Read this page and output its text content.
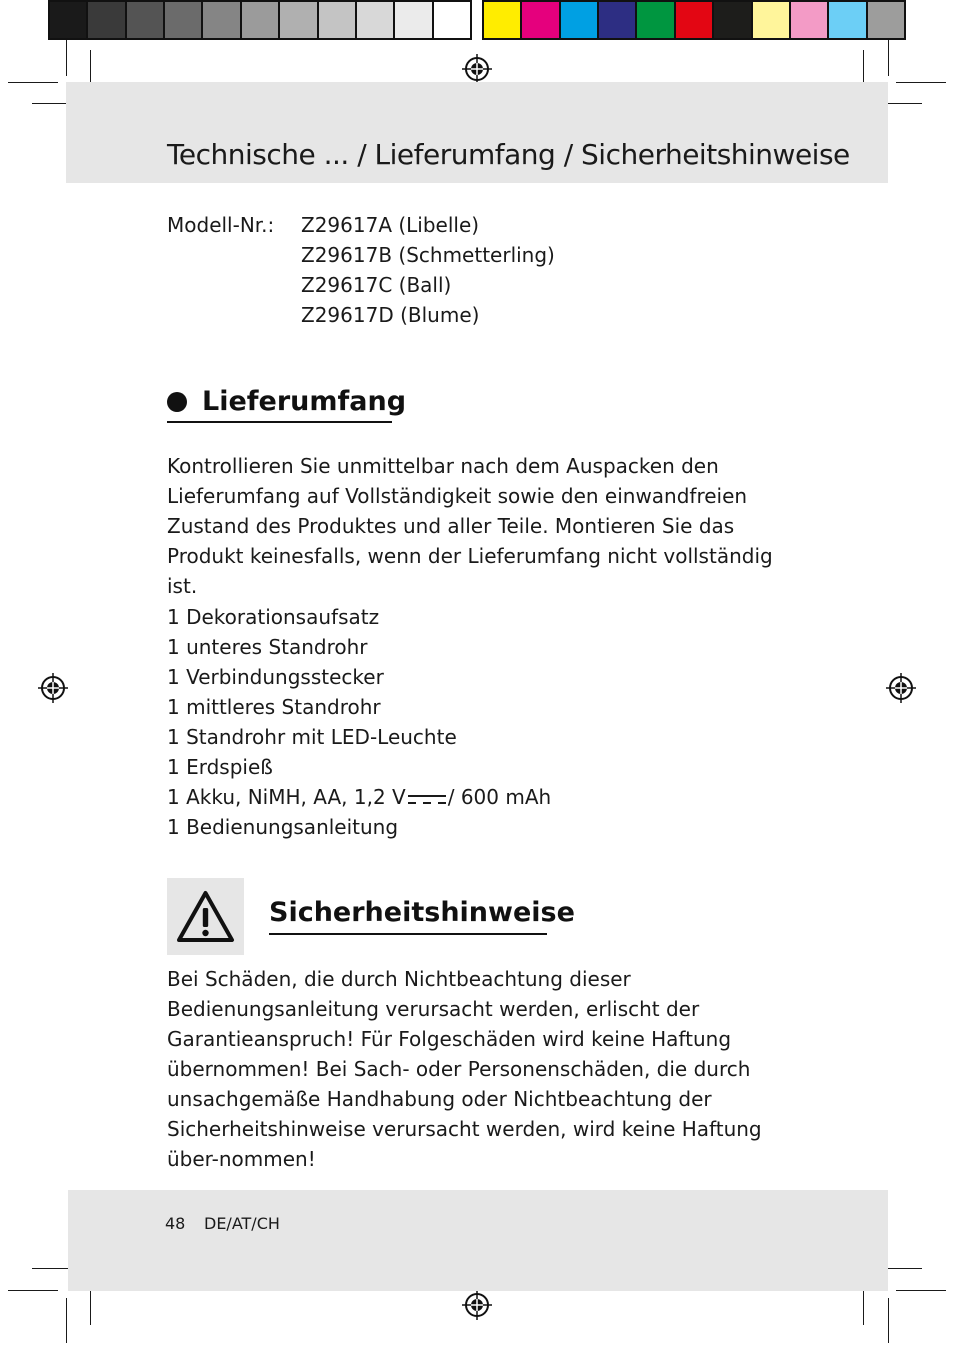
Technische ... / Lieferumfang / Sicherheitshinweise
Modell-Nr.: Z29617A (Libelle)
Z29617B (Schmetterling)
Z29617C (Ball)
Z29617D (Blume)
Lieferumfang
Kontrollieren Sie unmittelbar nach dem Auspacken den Lieferumfang auf Vollständigkeit sowie den einwandfreien Zustand des Produktes und aller Teile. Montieren Sie das Produkt keinesfalls, wenn der Lieferumfang nicht vollständig ist.
1 Dekorationsaufsatz
1 unteres Standrohr
1 Verbindungsstecker
1 mittleres Standrohr
1 Standrohr mit LED-Leuchte
1 Erdspieß
1 Akku, NiMH, AA, 1,2 V / 600 mAh
1 Bedienungsanleitung
Sicherheitshinweise
Bei Schäden, die durch Nichtbeachtung dieser Bedienungsanleitung verursacht werden, erlischt der Garantieanspruch! Für Folgeschäden wird keine Haftung übernommen! Bei Sach- oder Personenschäden, die durch unsachgemäße Handhabung oder Nichtbeachtung der Sicherheitshinweise verursacht werden, wird keine Haftung über-nommen!
48 DE/AT/CH
